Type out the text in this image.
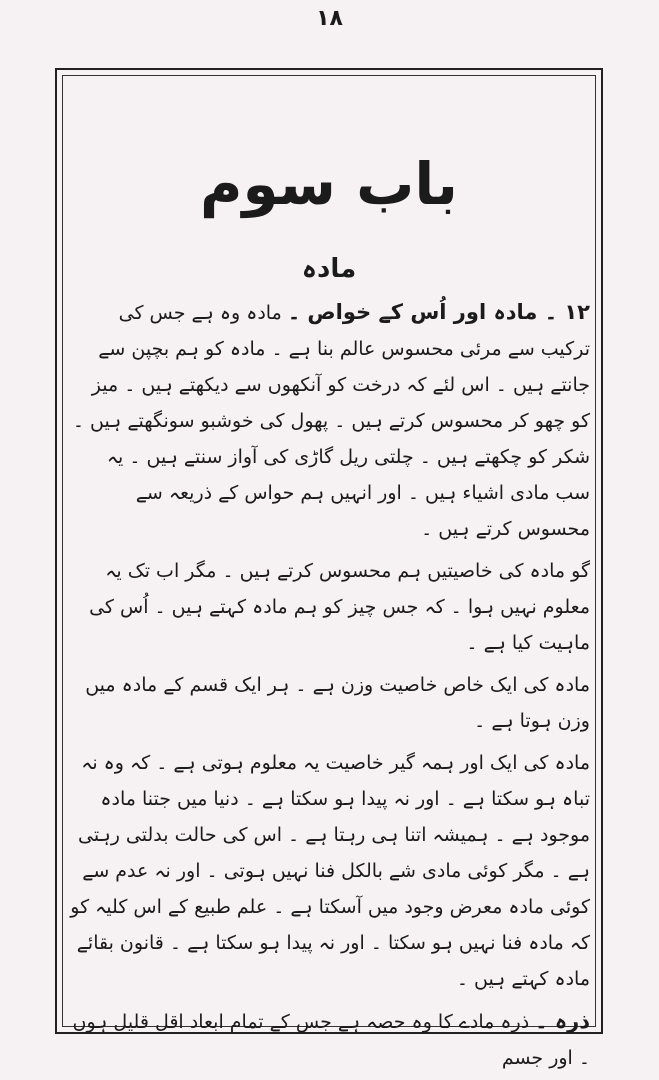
۱۸
باب سوم
مادہ

۱۲ ۔ مادہ اور اُس کے خواص ۔ مادہ وہ ہے جس کی ترکیب سے مرئی محسوس عالم بنا ہے ۔ مادہ کو ہم بچپن سے جانتے ہیں ۔ اس لئے کہ درخت کو آنکھوں سے دیکھتے ہیں ۔ میز کو چھو کر محسوس کرتے ہیں ۔ پھول کی خوشبو سونگھتے ہیں ۔ شکر کو چکھتے ہیں ۔ چلتی ریل گاڑی کی آواز سنتے ہیں ۔ یہ سب مادی اشیاء ہیں ۔ اور انہیں ہم حواس کے ذریعہ سے محسوس کرتے ہیں ۔

گو مادہ کی خاصیتیں ہم محسوس کرتے ہیں ۔ مگر اب تک یہ معلوم نہیں ہوا ۔ کہ جس چیز کو ہم مادہ کہتے ہیں ۔ اُس کی ماہیت کیا ہے ۔

مادہ کی ایک خاص خاصیت وزن ہے ۔ ہر ایک قسم کے مادہ میں وزن ہوتا ہے ۔

مادہ کی ایک اور ہمہ گیر خاصیت یہ معلوم ہوتی ہے ۔ کہ وہ نہ تباہ ہو سکتا ہے ۔ اور نہ پیدا ہو سکتا ہے ۔ دنیا میں جتنا مادہ موجود ہے ۔ ہمیشہ اتنا ہی رہتا ہے ۔ اس کی حالت بدلتی رہتی ہے ۔ مگر کوئی مادی شے بالکل فنا نہیں ہوتی ۔ اور نہ عدم سے کوئی مادہ معرض وجود میں آسکتا ہے ۔ علم طبیع کے اس کلیہ کو کہ مادہ فنا نہیں ہو سکتا ۔ اور نہ پیدا ہو سکتا ہے ۔ قانون بقائے مادہ کہتے ہیں ۔

ذرہ ۔ ذرہ مادے کا وہ حصہ ہے جس کے تمام ابعاد اقل قلیل ہوں ۔ اور جسم
